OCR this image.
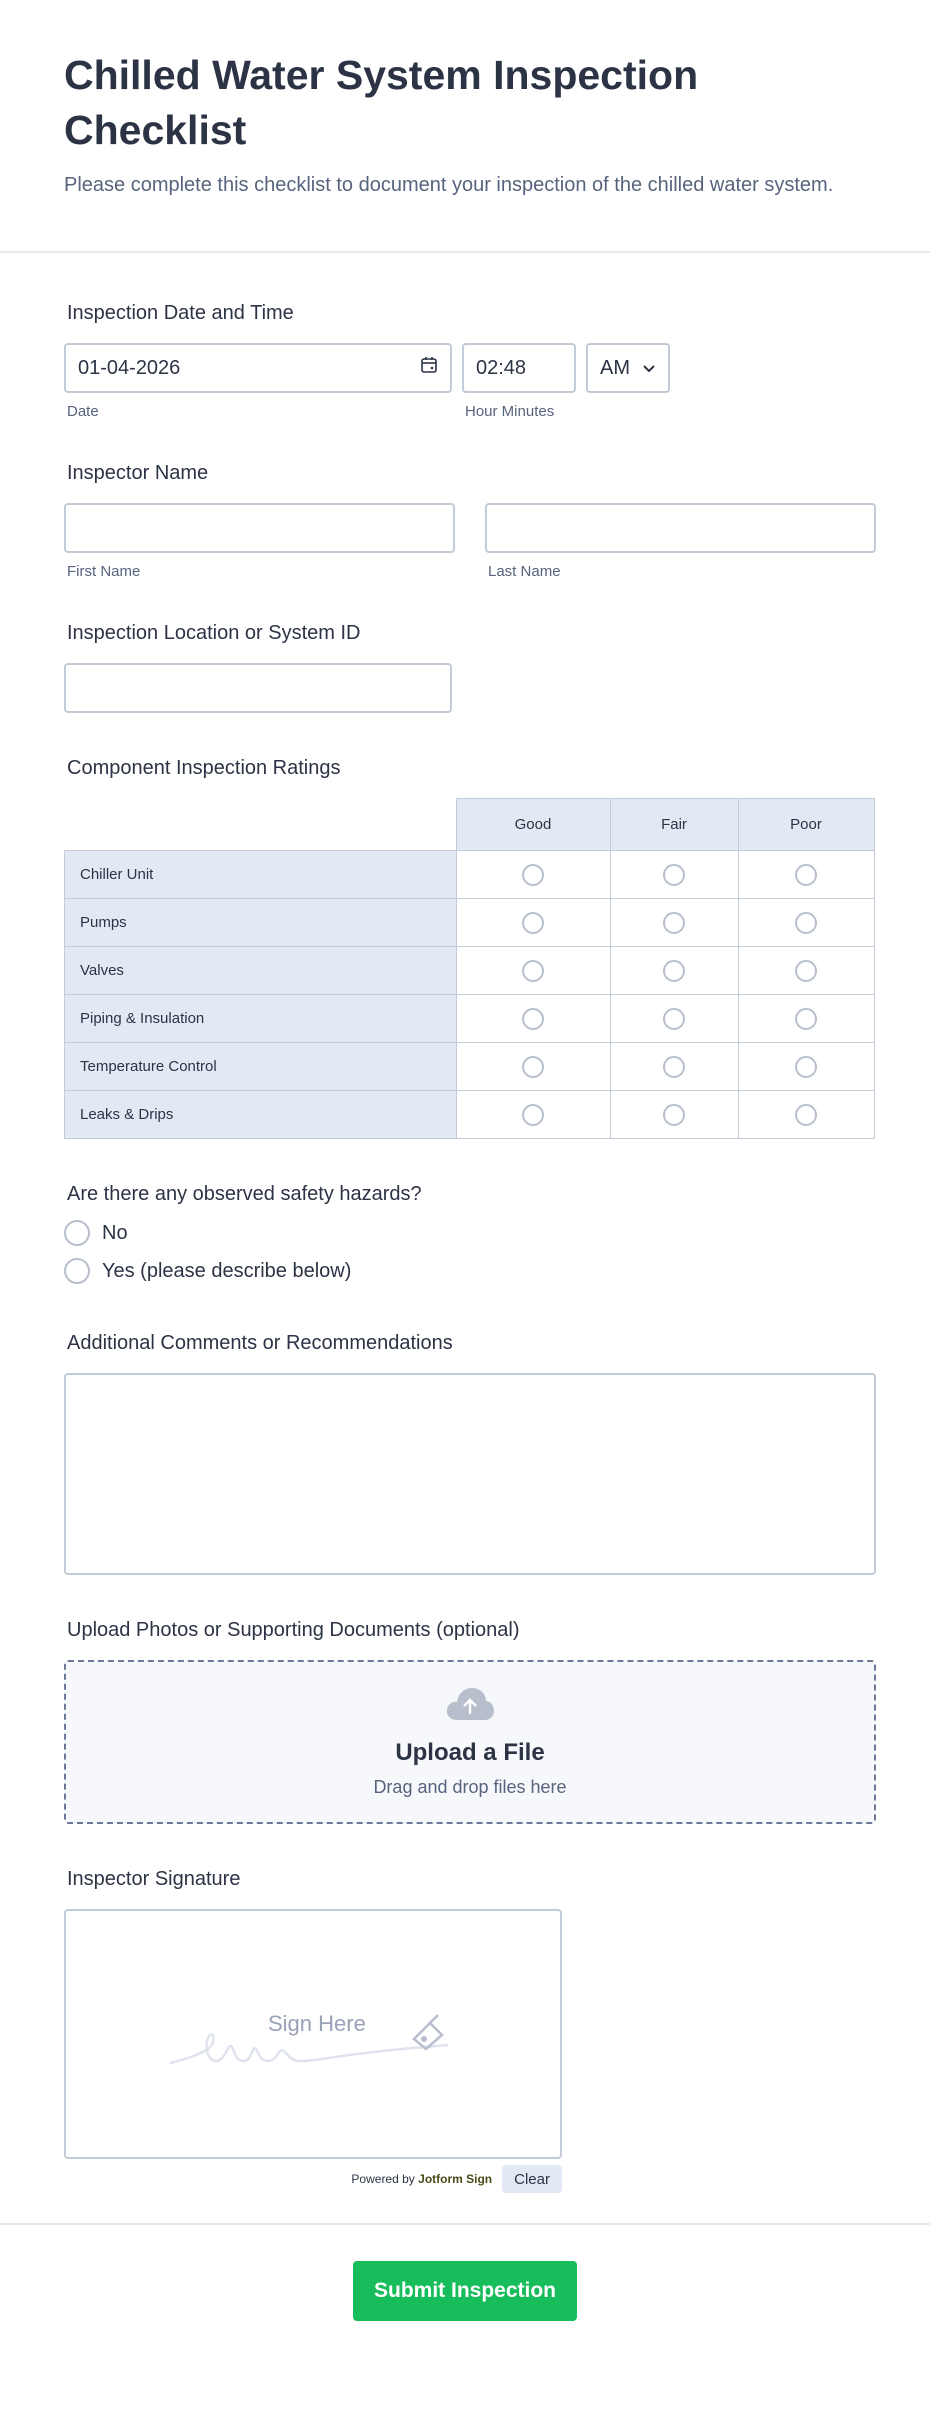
Chilled Water System Inspection Checklist

Please complete this checklist to document your inspection of the chilled water system.

Inspection Date and Time
01-04-2026
Date
02:48
Hour Minutes
AM
Inspector Name
First Name	Last Name
Inspection Location or System ID
Component Inspection Ratings
	Good	Fair	Poor
Chiller Unit			
Pumps			
Valves			
Piping & Insulation			
Temperature Control			
Leaks & Drips			
Are there any observed safety hazards?
No
Yes (please describe below)
Additional Comments or Recommendations
Upload Photos or Supporting Documents (optional)
Upload a File
Drag and drop files here
Inspector Signature
Sign Here
Powered by Jotform Sign	Clear
Submit Inspection
